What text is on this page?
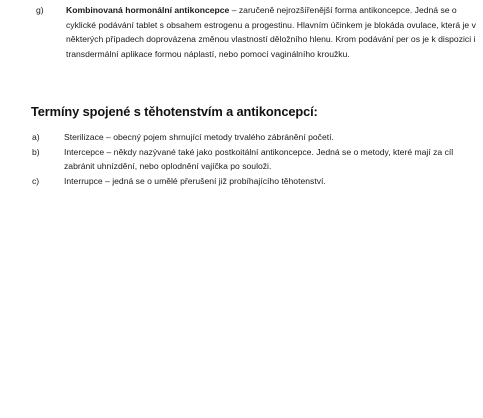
g)	Kombinovaná hormonální antikoncepce – zaručeně nejrozšířenější forma antikoncepce. Jedná se o cyklické podávání tablet s obsahem estrogenu a progestinu. Hlavním účinkem je blokáda ovulace, která je v některých případech doprovázena změnou vlastností děložního hlenu. Krom podávání per os je k dispozici i transdermální aplikace formou náplastí, nebo pomocí vaginálního kroužku.
Termíny spojené s těhotenstvím a antikoncepcí:
a)	Sterilizace – obecný pojem shrnující metody trvalého zábránění početí.
b)	Intercepce – někdy nazývané také jako postkoitální antikoncepce. Jedná se o metody, které mají za cíl zabránit uhnízdění, nebo oplodnění vajíčka po souloži.
c)	Interrupce – jedná se o umělé přerušení již probíhajícího těhotenství.
